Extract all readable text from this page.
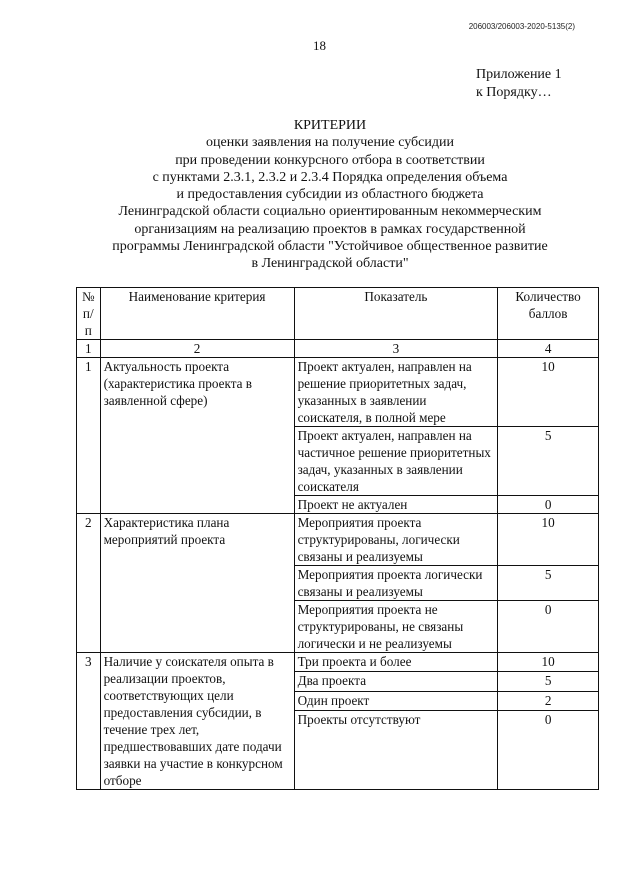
206003/206003-2020-5135(2)
18
Приложение 1
к Порядку…
КРИТЕРИИ
оценки заявления на получение субсидии
при проведении конкурсного отбора в соответствии
с пунктами 2.3.1, 2.3.2 и 2.3.4 Порядка определения объема
и предоставления субсидии из областного бюджета
Ленинградской области социально ориентированным некоммерческим
организациям на реализацию проектов в рамках государственной
программы Ленинградской области "Устойчивое общественное развитие
в Ленинградской области"
№ п/п	Наименование критерия	Показатель	Количество баллов
1	2	3	4
1	Актуальность проекта (характеристика проекта в заявленной сфере)	Проект актуален, направлен на решение приоритетных задач, указанных в заявлении соискателя, в полной мере	10
		Проект актуален, направлен на частичное решение приоритетных задач, указанных в заявлении соискателя	5
		Проект не актуален	0
2	Характеристика плана мероприятий проекта	Мероприятия проекта структурированы, логически связаны и реализуемы	10
		Мероприятия проекта логически связаны и реализуемы	5
		Мероприятия проекта не структурированы, не связаны логически и не реализуемы	0
3	Наличие у соискателя опыта в реализации проектов, соответствующих цели предоставления субсидии, в течение трех лет, предшествовавших дате подачи заявки на участие в конкурсном отборе	Три проекта и более	10
		Два проекта	5
		Один проект	2
		Проекты отсутствуют	0
